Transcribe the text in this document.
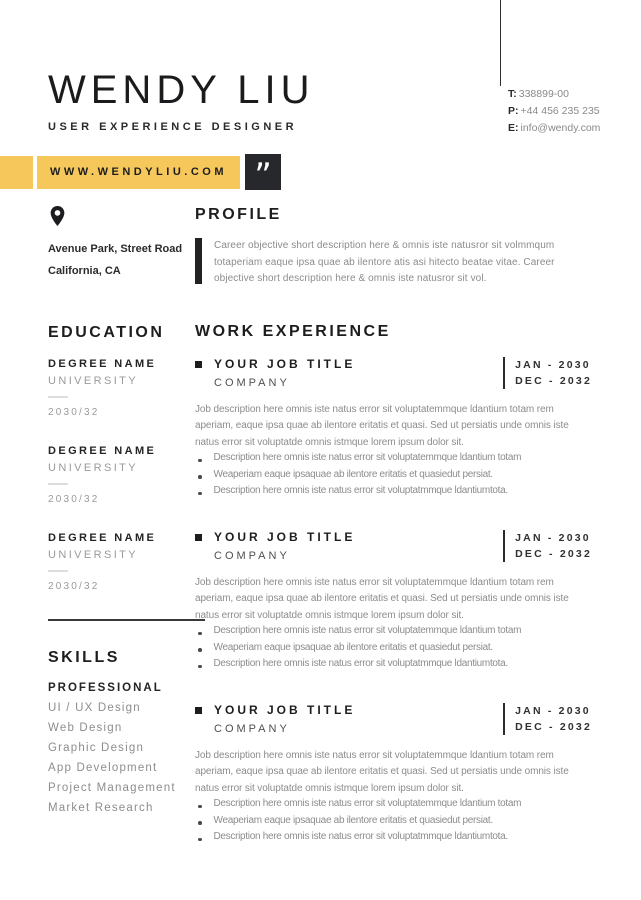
WENDY LIU
USER EXPERIENCE DESIGNER
T: 338899-00
P: +44 456 235 235
E: info@wendy.com
WWW.WENDYLIU.COM ”
Avenue Park, Street Road
California, CA
EDUCATION
DEGREE NAME
UNIVERSITY
2030/32
DEGREE NAME
UNIVERSITY
2030/32
DEGREE NAME
UNIVERSITY
2030/32
SKILLS
PROFESSIONAL
UI / UX Design
Web Design
Graphic Design
App Development
Project Management
Market Research
PROFILE
Career objective short description here & omnis iste natusror sit volmmqum totaperiam eaque ipsa quae ab ilentore atis asi hitecto beatae vitae. Career objective short description here & omnis iste natusror sit vol.
WORK EXPERIENCE
YOUR JOB TITLE
COMPANY
JAN - 2030
DEC - 2032
Job description here omnis iste natus error sit voluptatemmque ldantium totam rem aperiam, eaque ipsa quae ab ilentore eritatis et quasi. Sed ut persiatis unde omnis iste natus error sit voluptatde omnis istmque lorem ipsum dolor sit.
Description here omnis iste natus error sit voluptatemmque ldantium totam
Weaperiam eaque ipsaquae ab ilentore eritatis et quasiedut persiat.
Description here omnis iste natus error sit voluptatmmque ldantiumtota.
YOUR JOB TITLE
COMPANY
JAN - 2030
DEC - 2032
Job description here omnis iste natus error sit voluptatemmque ldantium totam rem aperiam, eaque ipsa quae ab ilentore eritatis et quasi. Sed ut persiatis unde omnis iste natus error sit voluptatde omnis istmque lorem ipsum dolor sit.
Description here omnis iste natus error sit voluptatemmque ldantium totam
Weaperiam eaque ipsaquae ab ilentore eritatis et quasiedut persiat.
Description here omnis iste natus error sit voluptatmmque ldantiumtota.
YOUR JOB TITLE
COMPANY
JAN - 2030
DEC - 2032
Job description here omnis iste natus error sit voluptatemmque ldantium totam rem aperiam, eaque ipsa quae ab ilentore eritatis et quasi. Sed ut persiatis unde omnis iste natus error sit voluptatde omnis istmque lorem ipsum dolor sit.
Description here omnis iste natus error sit voluptatemmque ldantium totam
Weaperiam eaque ipsaquae ab ilentore eritatis et quasiedut persiat.
Description here omnis iste natus error sit voluptatmmque ldantiumtota.
